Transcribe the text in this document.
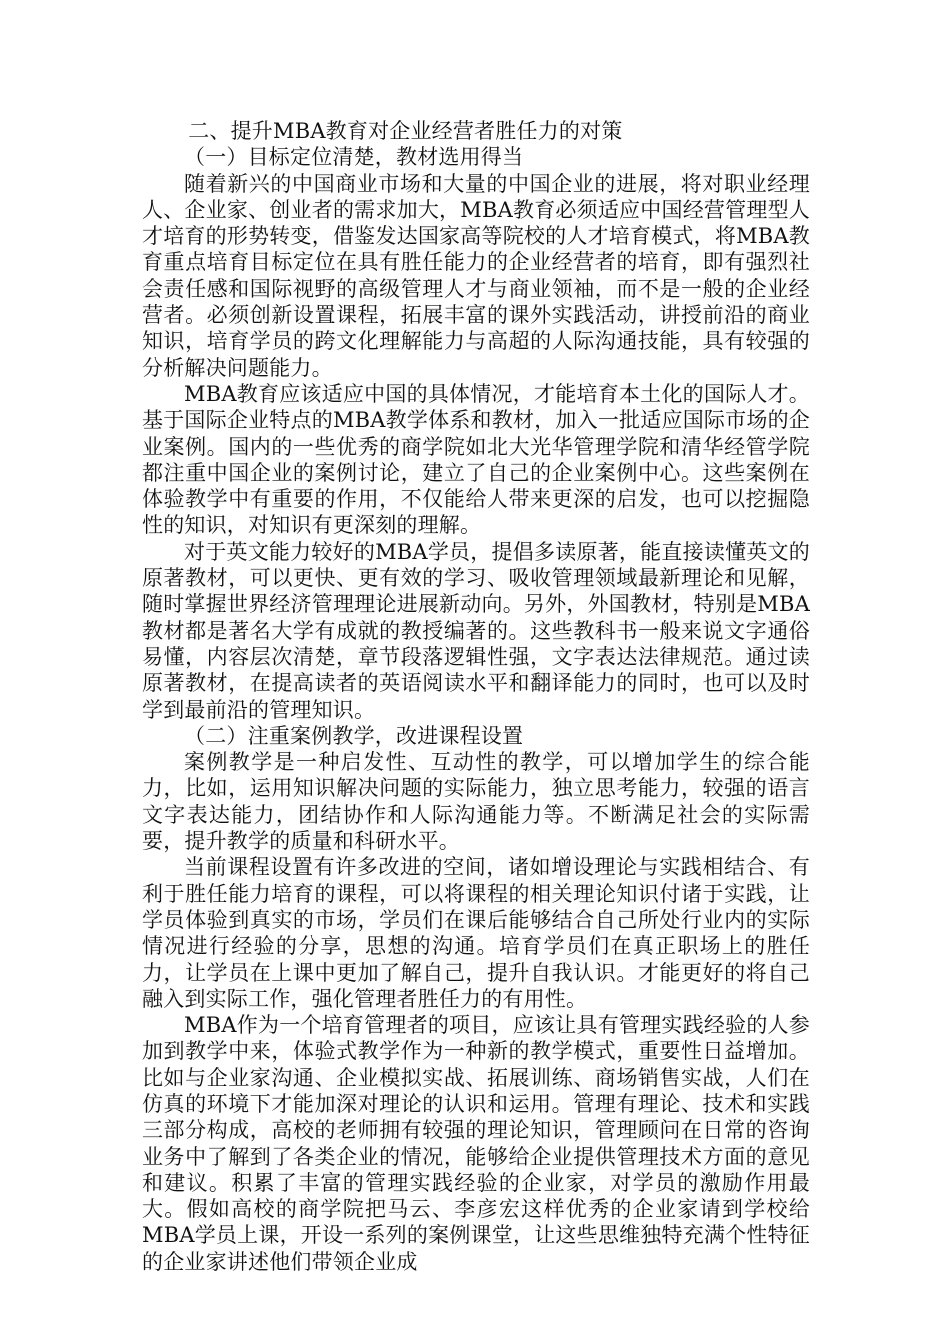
二、提升MBA教育对企业经营者胜任力的对策

（一）目标定位清楚，教材选用得当

随着新兴的中国商业市场和大量的中国企业的进展，将对职业经理人、企业家、创业者的需求加大，MBA教育必须适应中国经营管理型人才培育的形势转变，借鉴发达国家高等院校的人才培育模式，将MBA教育重点培育目标定位在具有胜任能力的企业经营者的培育，即有强烈社会责任感和国际视野的高级管理人才与商业领袖，而不是一般的企业经营者。必须创新设置课程，拓展丰富的课外实践活动，讲授前沿的商业知识，培育学员的跨文化理解能力与高超的人际沟通技能，具有较强的分析解决问题能力。

MBA教育应该适应中国的具体情况，才能培育本土化的国际人才。基于国际企业特点的MBA教学体系和教材，加入一批适应国际市场的企业案例。国内的一些优秀的商学院如北大光华管理学院和清华经管学院都注重中国企业的案例讨论，建立了自己的企业案例中心。这些案例在体验教学中有重要的作用，不仅能给人带来更深的启发，也可以挖掘隐性的知识，对知识有更深刻的理解。

对于英文能力较好的MBA学员，提倡多读原著，能直接读懂英文的原著教材，可以更快、更有效的学习、吸收管理领域最新理论和见解，随时掌握世界经济管理理论进展新动向。另外，外国教材，特别是MBA教材都是著名大学有成就的教授编著的。这些教科书一般来说文字通俗易懂，内容层次清楚，章节段落逻辑性强，文字表达法律规范。通过读原著教材，在提高读者的英语阅读水平和翻译能力的同时，也可以及时学到最前沿的管理知识。

（二）注重案例教学，改进课程设置

案例教学是一种启发性、互动性的教学，可以增加学生的综合能力，比如，运用知识解决问题的实际能力，独立思考能力，较强的语言文字表达能力，团结协作和人际沟通能力等。不断满足社会的实际需要，提升教学的质量和科研水平。

当前课程设置有许多改进的空间，诸如增设理论与实践相结合、有利于胜任能力培育的课程，可以将课程的相关理论知识付诸于实践，让学员体验到真实的市场，学员们在课后能够结合自己所处行业内的实际情况进行经验的分享，思想的沟通。培育学员们在真正职场上的胜任力，让学员在上课中更加了解自己，提升自我认识。才能更好的将自己融入到实际工作，强化管理者胜任力的有用性。

MBA作为一个培育管理者的项目，应该让具有管理实践经验的人参加到教学中来，体验式教学作为一种新的教学模式，重要性日益增加。比如与企业家沟通、企业模拟实战、拓展训练、商场销售实战，人们在仿真的环境下才能加深对理论的认识和运用。管理有理论、技术和实践三部分构成，高校的老师拥有较强的理论知识，管理顾问在日常的咨询业务中了解到了各类企业的情况，能够给企业提供管理技术方面的意见和建议。积累了丰富的管理实践经验的企业家，对学员的激励作用最大。假如高校的商学院把马云、李彦宏这样优秀的企业家请到学校给MBA学员上课，开设一系列的案例课堂，让这些思维独特充满个性特征的企业家讲述他们带领企业成
